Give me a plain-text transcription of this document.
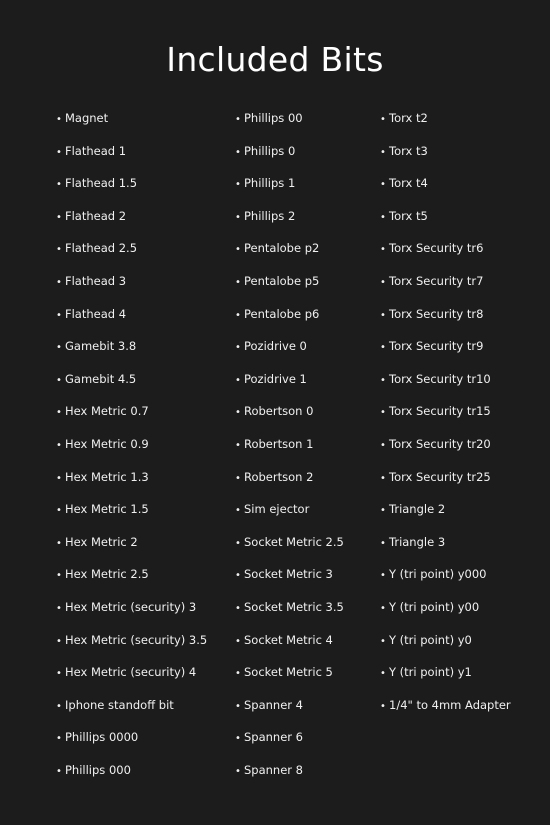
Included Bits
• Magnet
• Flathead 1
• Flathead 1.5
• Flathead 2
• Flathead 2.5
• Flathead 3
• Flathead 4
• Gamebit 3.8
• Gamebit 4.5
• Hex Metric 0.7
• Hex Metric 0.9
• Hex Metric 1.3
• Hex Metric 1.5
• Hex Metric 2
• Hex Metric 2.5
• Hex Metric (security) 3
• Hex Metric (security) 3.5
• Hex Metric (security) 4
• Iphone standoff bit
• Phillips 0000
• Phillips 000
• Phillips 00
• Phillips 0
• Phillips 1
• Phillips 2
• Pentalobe p2
• Pentalobe p5
• Pentalobe p6
• Pozidrive 0
• Pozidrive 1
• Robertson 0
• Robertson 1
• Robertson 2
• Sim ejector
• Socket Metric 2.5
• Socket Metric 3
• Socket Metric 3.5
• Socket Metric 4
• Socket Metric 5
• Spanner 4
• Spanner 6
• Spanner 8
• Torx t2
• Torx t3
• Torx t4
• Torx t5
• Torx Security tr6
• Torx Security tr7
• Torx Security tr8
• Torx Security tr9
• Torx Security tr10
• Torx Security tr15
• Torx Security tr20
• Torx Security tr25
• Triangle 2
• Triangle 3
• Y (tri point) y000
• Y (tri point) y00
• Y (tri point) y0
• Y (tri point) y1
• 1/4" to 4mm Adapter
